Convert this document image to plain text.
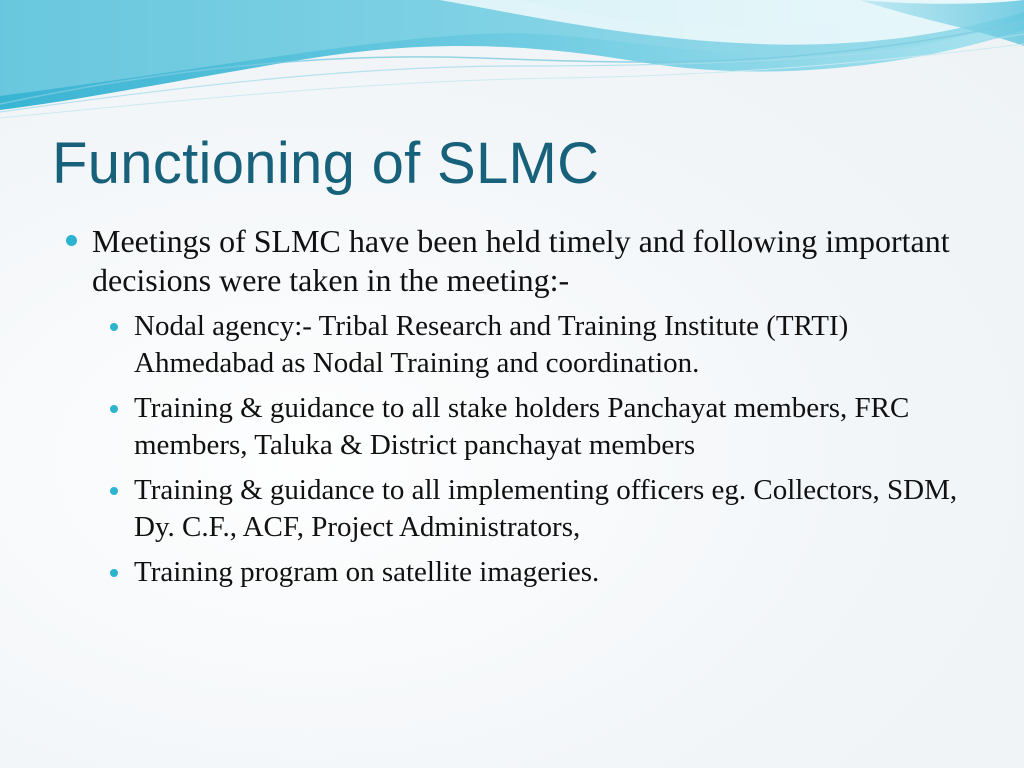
Functioning of SLMC
Meetings of SLMC have been held timely and following important decisions were taken in the meeting:-
Nodal agency:- Tribal Research and Training Institute (TRTI) Ahmedabad as Nodal Training and coordination.
Training & guidance to all stake holders Panchayat members, FRC members, Taluka & District panchayat members
Training & guidance to all implementing officers eg. Collectors, SDM, Dy. C.F., ACF, Project Administrators,
Training program on satellite imageries.
